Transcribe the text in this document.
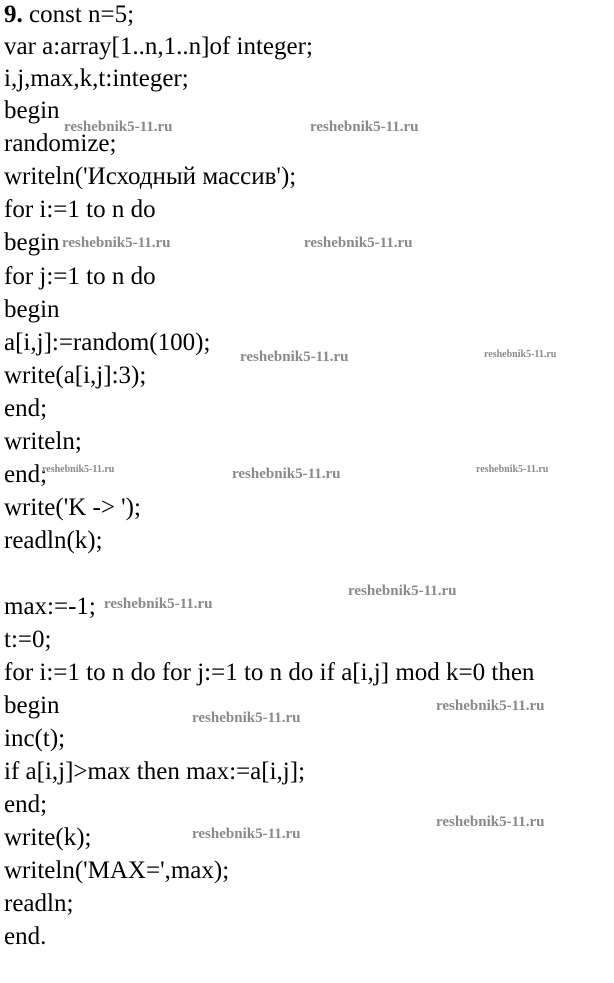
9. const n=5;
var a:array[1..n,1..n]of integer;
i,j,max,k,t:integer;
begin
randomize;
writeln('Исходный массив');
for i:=1 to n do
begin
for j:=1 to n do
begin
a[i,j]:=random(100);
write(a[i,j]:3);
end;
writeln;
end;
write('K -> ');
readln(k);
max:=-1;
t:=0;
for i:=1 to n do for j:=1 to n do if a[i,j] mod k=0 then
begin
inc(t);
if a[i,j]>max then max:=a[i,j];
end;
write(k);
writeln('MAX=',max);
readln;
end.
reshebnik5-11.ru	reshebnik5-11.ru
reshebnik5-11.ru	reshebnik5-11.ru
reshebnik5-11.ru	reshebnik5-11.ru
reshebnik5-11.ru	reshebnik5-11.ru	reshebnik5-11.ru
reshebnik5-11.ru
reshebnik5-11.ru
reshebnik5-11.ru
reshebnik5-11.ru
reshebnik5-11.ru
reshebnik5-11.ru
